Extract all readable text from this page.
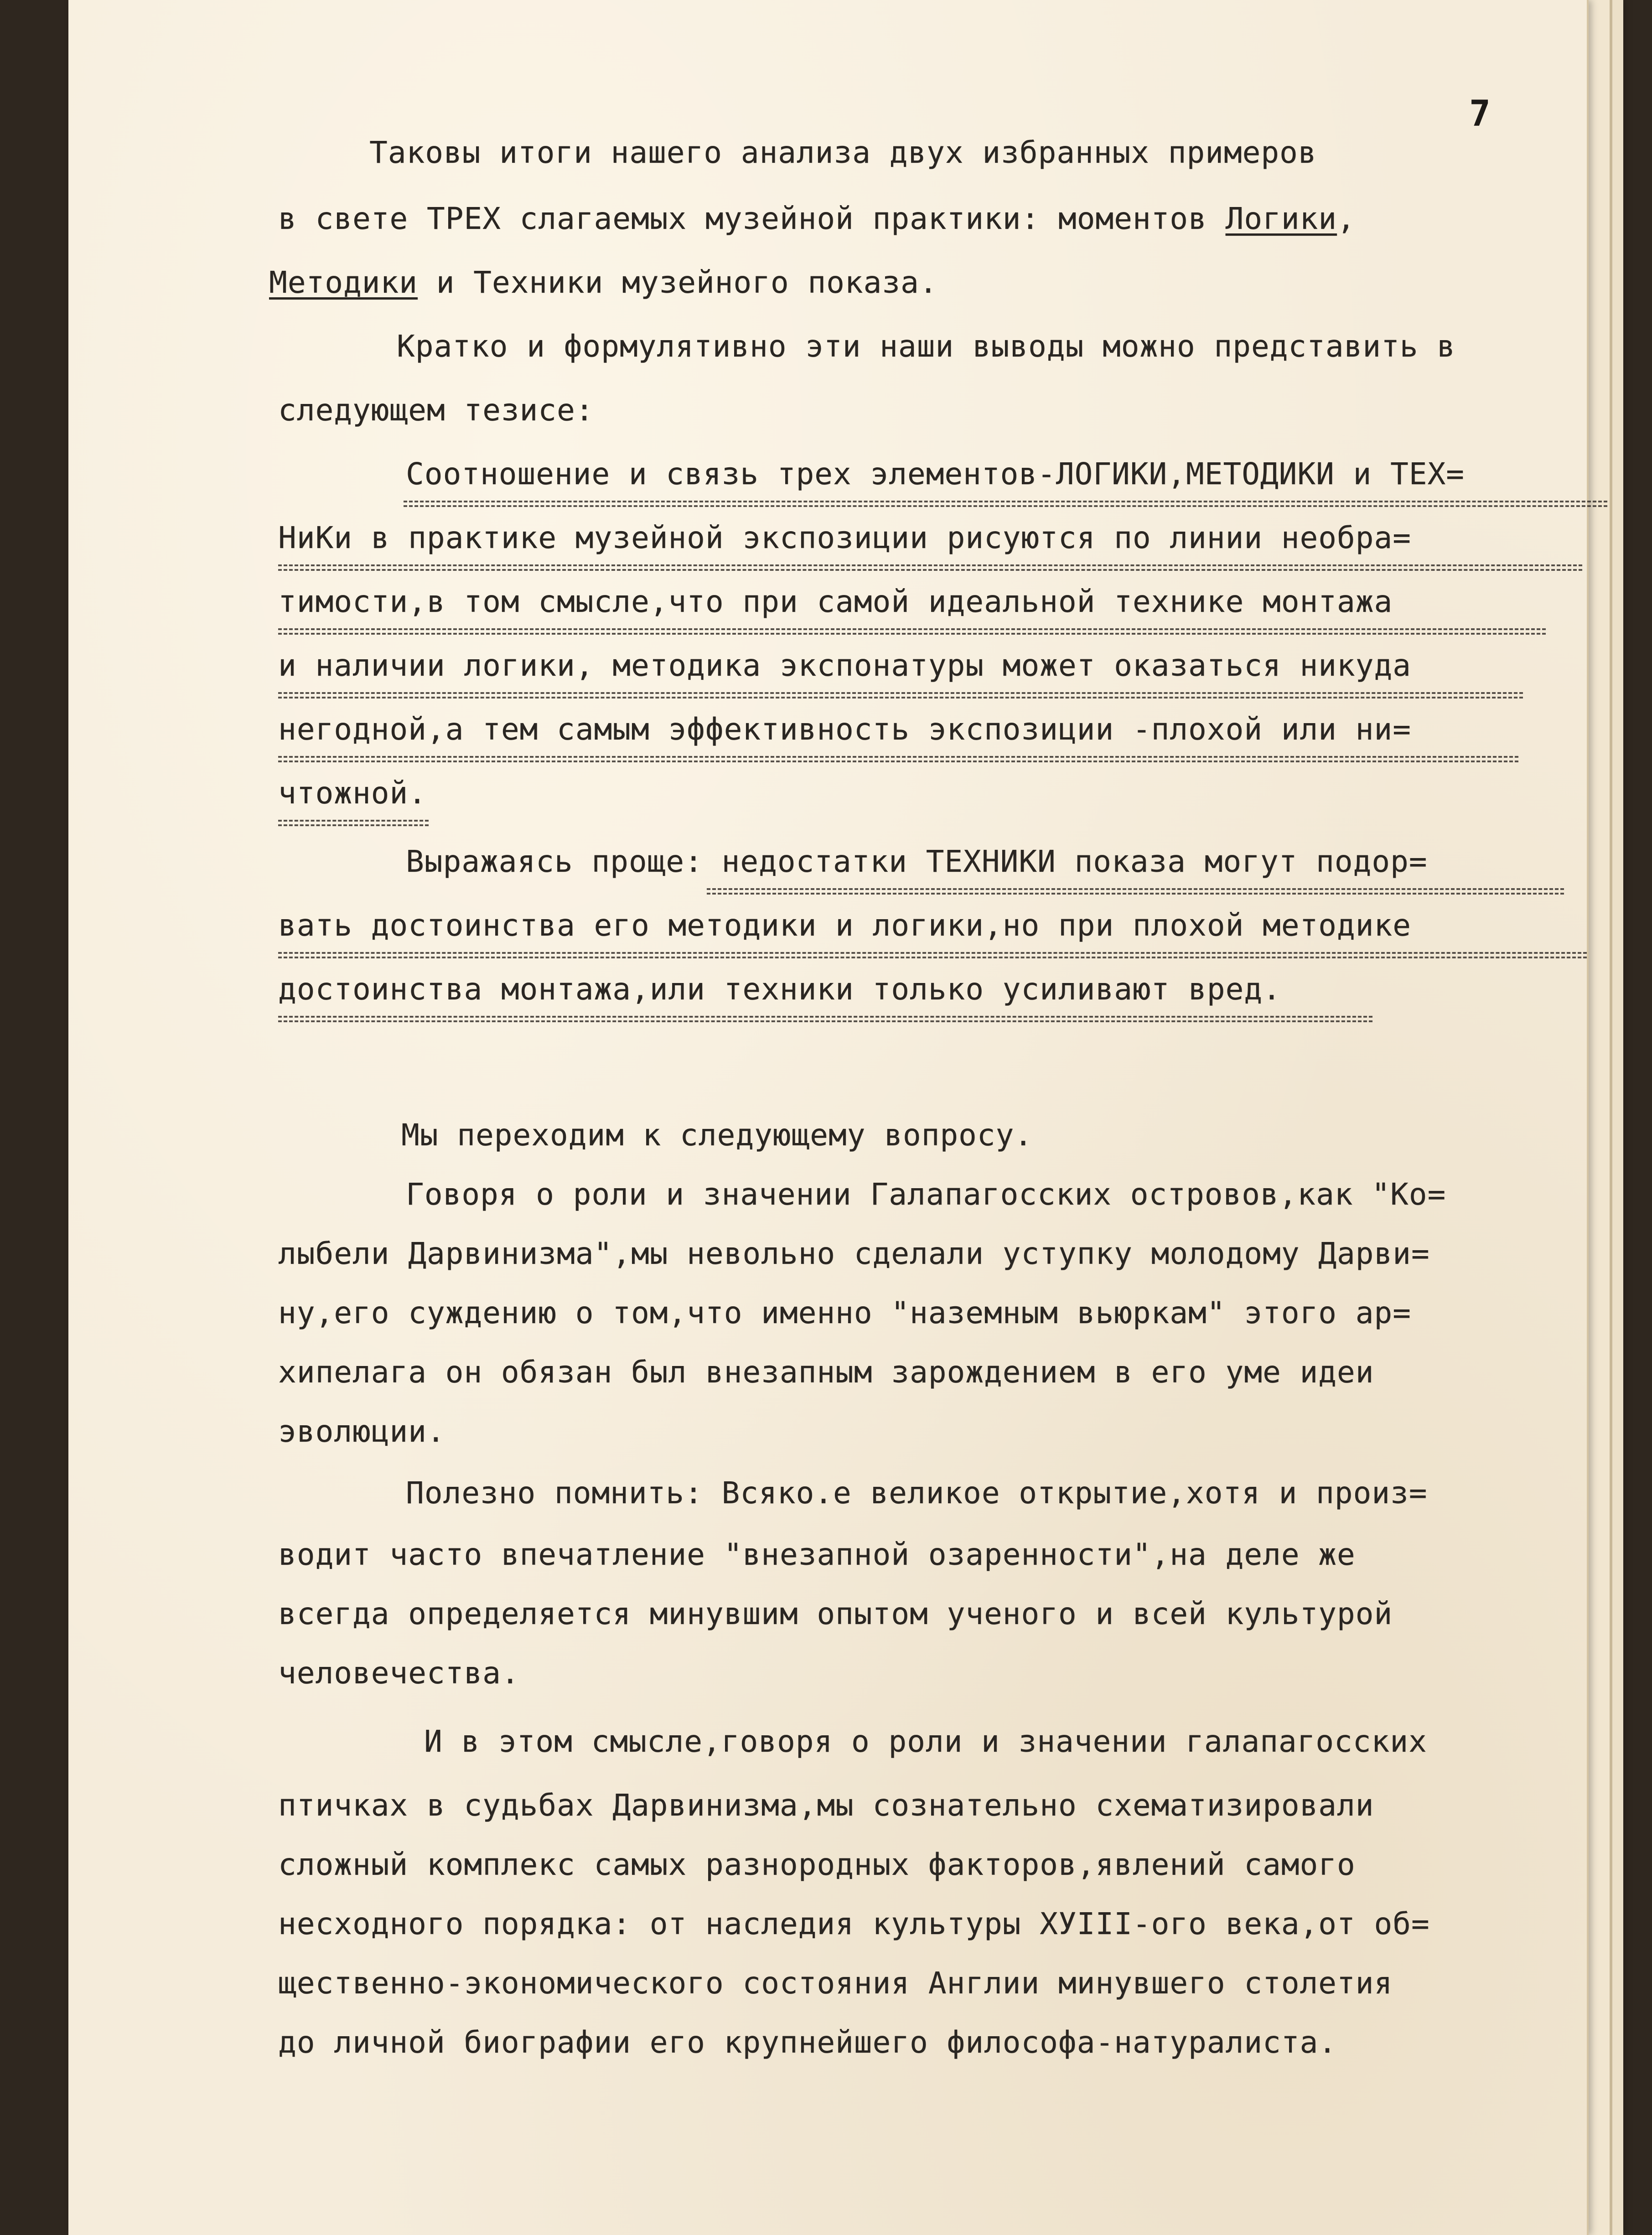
7
Таковы итоги нашего анализа двух избранных примеров
в свете ТРЕХ слагаемых музейной практики: моментов Логики,
Методики и Техники музейного показа.
Кратко и формулятивно эти наши выводы можно представить в
следующем тезисе:
Соотношение и связь трех элементов-ЛОГИКИ,МЕТОДИКИ и ТЕХ=
НиКи в практике музейной экспозиции рисуются по линии необра=
тимости,в том смысле,что при самой идеальной технике монтажа
и наличии логики, методика экспонатуры может оказаться никуда
негодной,а тем самым эффективность экспозиции -плохой или ни=
чтожной.
Выражаясь проще: недостатки ТЕХНИКИ показа могут подор=
вать достоинства его методики и логики,но при плохой методике
достоинства монтажа,или техники только усиливают вред.
Мы переходим к следующему вопросу.
Говоря о роли и значении Галапагосских островов,как "Ко=
лыбели Дарвинизма",мы невольно сделали уступку молодому Дарви=
ну,его суждению о том,что именно "наземным вьюркам" этого ар=
хипелага он обязан был внезапным зарождением в его уме идеи
эволюции.
Полезно помнить: Всяко.е великое открытие,хотя и произ=
водит часто впечатление "внезапной озаренности",на деле же
всегда определяется минувшим опытом ученого и всей культурой
человечества.
И в этом смысле,говоря о роли и значении галапагосских
птичках в судьбах Дарвинизма,мы сознательно схематизировали
сложный комплекс самых разнородных факторов,явлений самого
несходного порядка: от наследия культуры ХУIII-ого века,от об=
щественно-экономического состояния Англии минувшего столетия
до личной биографии его крупнейшего философа-натуралиста.
